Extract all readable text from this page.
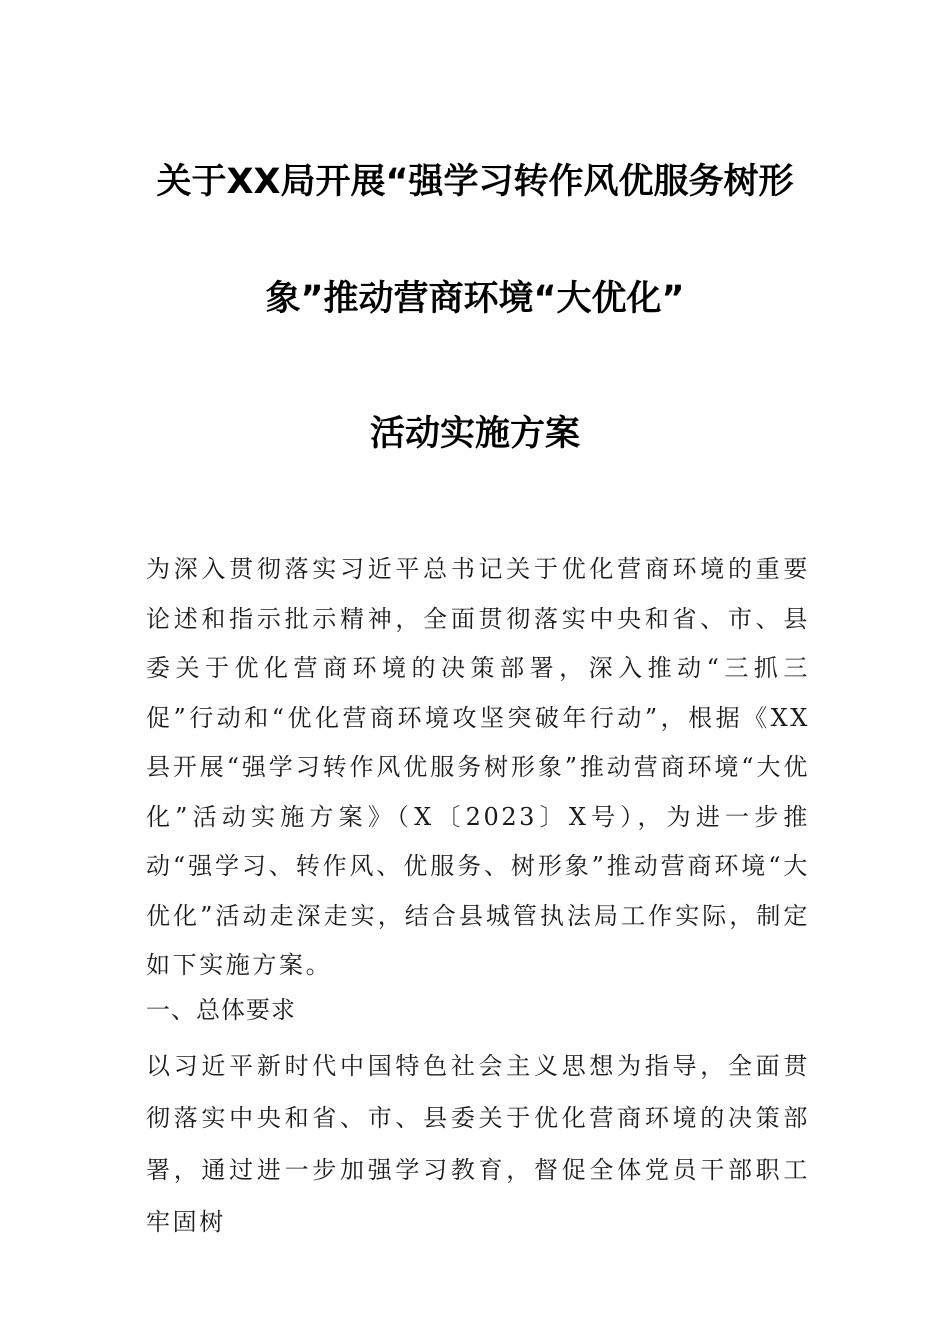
关于XX局开展“强学习转作风优服务树形
象”推动营商环境“大优化”
活动实施方案
为深入贯彻落实习近平总书记关于优化营商环境的重要论述和指示批示精神，全面贯彻落实中央和省、市、县委关于优化营商环境的决策部署，深入推动“三抓三促”行动和“优化营商环境攻坚突破年行动”，根据《XX县开展“强学习转作风优服务树形象”推动营商环境“大优化”活动实施方案》（X〔2023〕X号），为进一步推动“强学习、转作风、优服务、树形象”推动营商环境“大优化”活动走深走实，结合县城管执法局工作实际，制定如下实施方案。
一、总体要求
以习近平新时代中国特色社会主义思想为指导，全面贯彻落实中央和省、市、县委关于优化营商环境的决策部署，通过进一步加强学习教育，督促全体党员干部职工牢固树
